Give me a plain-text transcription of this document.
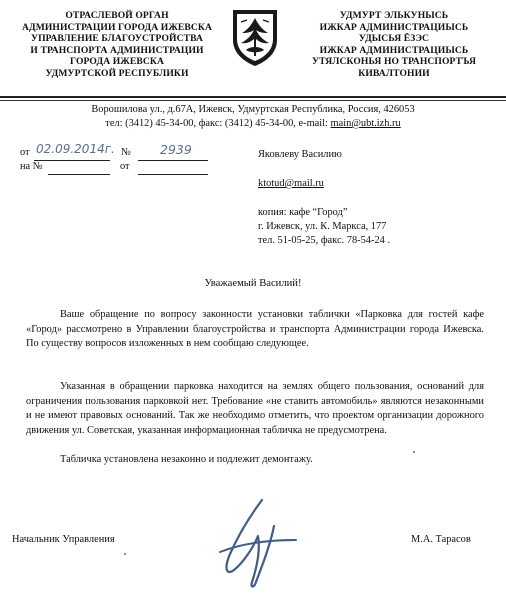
ОТРАСЛЕВОЙ ОРГАН
АДМИНИСТРАЦИИ ГОРОДА ИЖЕВСКА
УПРАВЛЕНИЕ БЛАГОУСТРОЙСТВА
И ТРАНСПОРТА АДМИНИСТРАЦИИ
ГОРОДА ИЖЕВСКА
УДМУРТСКОЙ РЕСПУБЛИКИ
УДМУРТ ЭЛЬКУНЫСЬ
ИЖКАР АДМИНИСТРАЦИЫСЬ
УДЫСЬЯ ЁЗЭС
ИЖКАР АДМИНИСТРАЦИЫСЬ
УТЯЛСКОНЬЯ НО ТРАНСПОРТЪЯ
КИВАЛТОНИИ
Ворошилова ул., д.67А, Ижевск, Удмуртская Республика, Россия, 426053
тел: (3412) 45-34-00, факс: (3412) 45-34-00, e-mail: main@ubt.izh.ru
от 02.09.2014г. № 2939
на №	от
Яковлеву Василию
ktotud@mail.ru
копия: кафе “Город”
г. Ижевск, ул. К. Маркса, 177
тел. 51-05-25, факс. 78-54-24 .
Уважаемый Василий!

Ваше обращение по вопросу законности установки таблички «Парковка для гостей кафе «Город» рассмотрено в Управлении благоустройства и транспорта Администрации города Ижевска. По существу вопросов изложенных в нем сообщаю следующее.

Указанная в обращении парковка находится на землях общего пользования, оснований для ограничения пользования парковкой нет. Требование «не ставить автомобиль» являются незаконными и не имеют правовых оснований. Так же необходимо отметить, что проектом организации дорожного движения ул. Советская, указанная информационная табличка не предусмотрена.

Табличка установлена незаконно и подлежит демонтажу.

Начальник Управления	М.А. Тарасов
